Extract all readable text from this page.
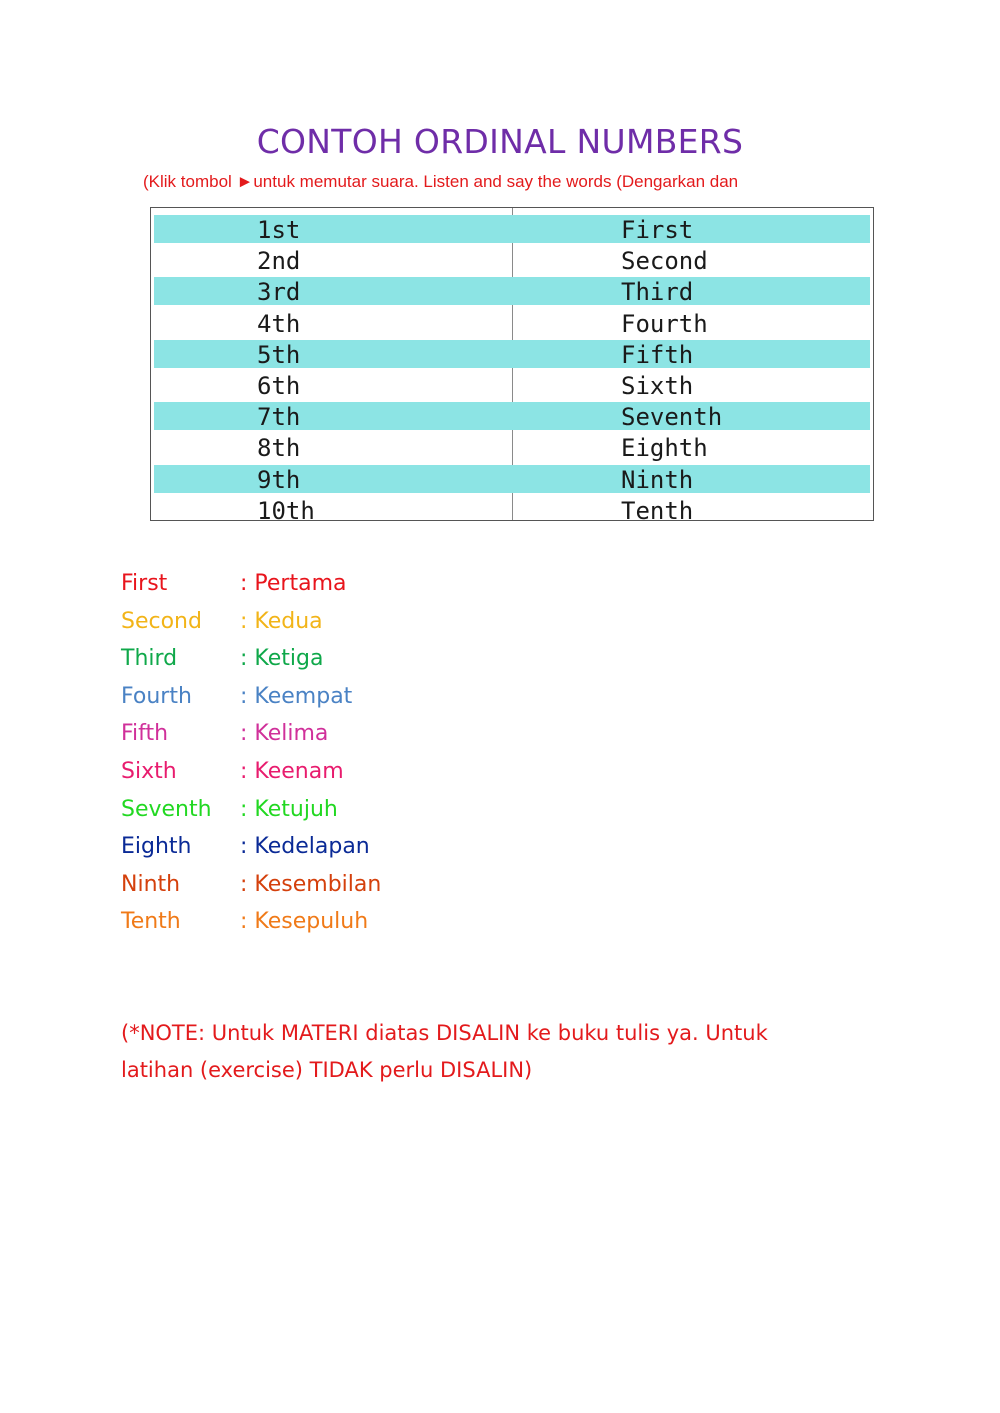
CONTOH ORDINAL NUMBERS
(Klik tombol ►untuk memutar suara. Listen and say the words (Dengarkan dan
1st	First
2nd	Second
3rd	Third
4th	Fourth
5th	Fifth
6th	Sixth
7th	Seventh
8th	Eighth
9th	Ninth
10th	Tenth
First	: Pertama
Second : Kedua
Third	: Ketiga
Fourth : Keempat
Fifth	: Kelima
Sixth	: Keenam
Seventh : Ketujuh
Eighth : Kedelapan
Ninth	: Kesembilan
Tenth	: Kesepuluh
(*NOTE: Untuk MATERI diatas DISALIN ke buku tulis ya. Untuk
latihan (exercise) TIDAK perlu DISALIN)
